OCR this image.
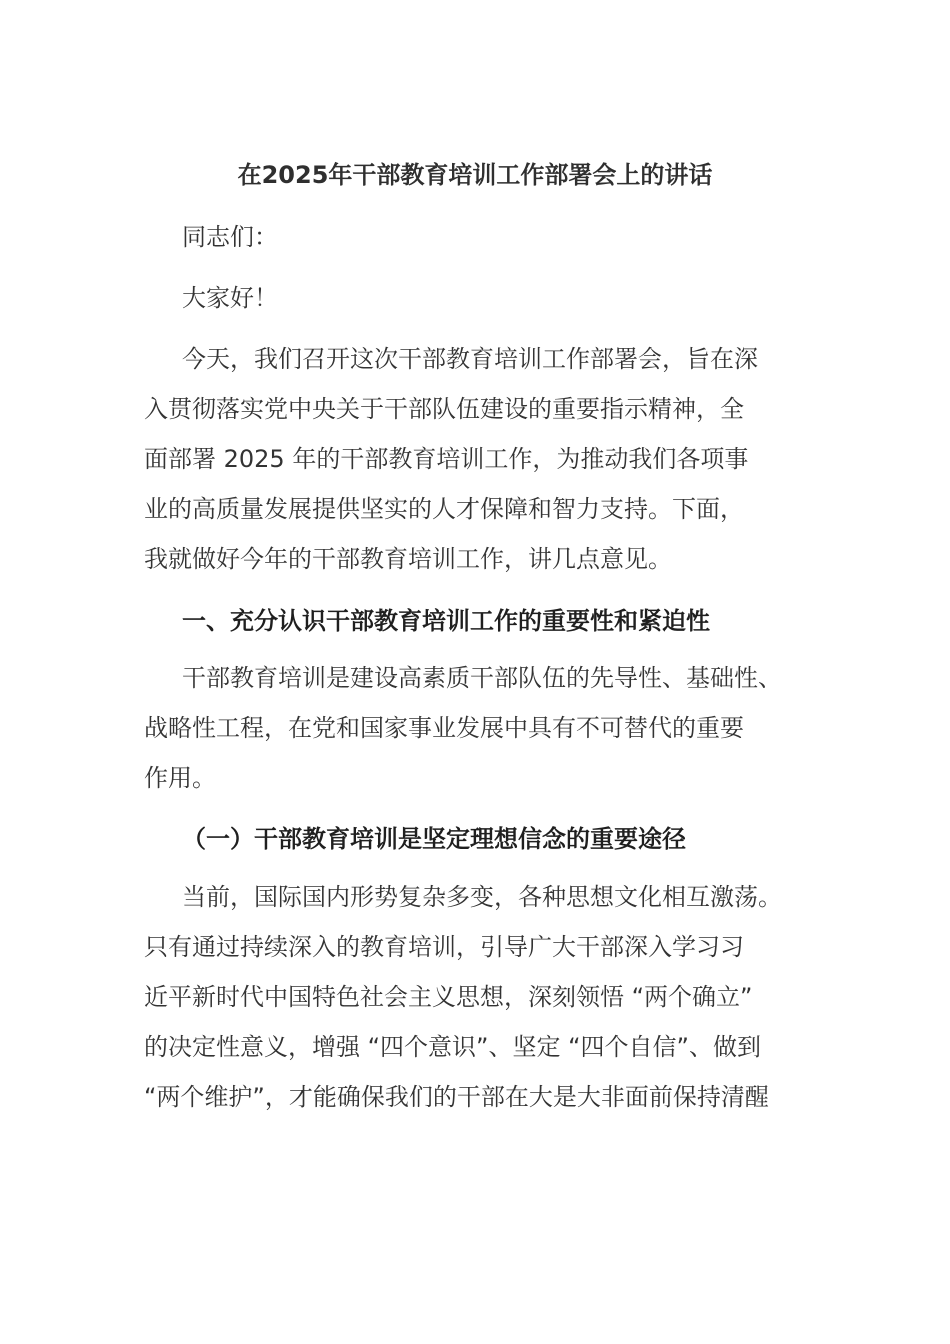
在2025年干部教育培训工作部署会上的讲话

同志们：

大家好！

今天，我们召开这次干部教育培训工作部署会，旨在深

入贯彻落实党中央关于干部队伍建设的重要指示精神，全

面部署 2025 年的干部教育培训工作，为推动我们各项事

业的高质量发展提供坚实的人才保障和智力支持。下面，

我就做好今年的干部教育培训工作，讲几点意见。

一、充分认识干部教育培训工作的重要性和紧迫性

干部教育培训是建设高素质干部队伍的先导性、基础性、

战略性工程，在党和国家事业发展中具有不可替代的重要

作用。

（一）干部教育培训是坚定理想信念的重要途径

当前，国际国内形势复杂多变，各种思想文化相互激荡。

只有通过持续深入的教育培训，引导广大干部深入学习习

近平新时代中国特色社会主义思想，深刻领悟 “两个确立”

的决定性意义，增强 “四个意识”、坚定 “四个自信”、做到

“两个维护”，才能确保我们的干部在大是大非面前保持清醒
